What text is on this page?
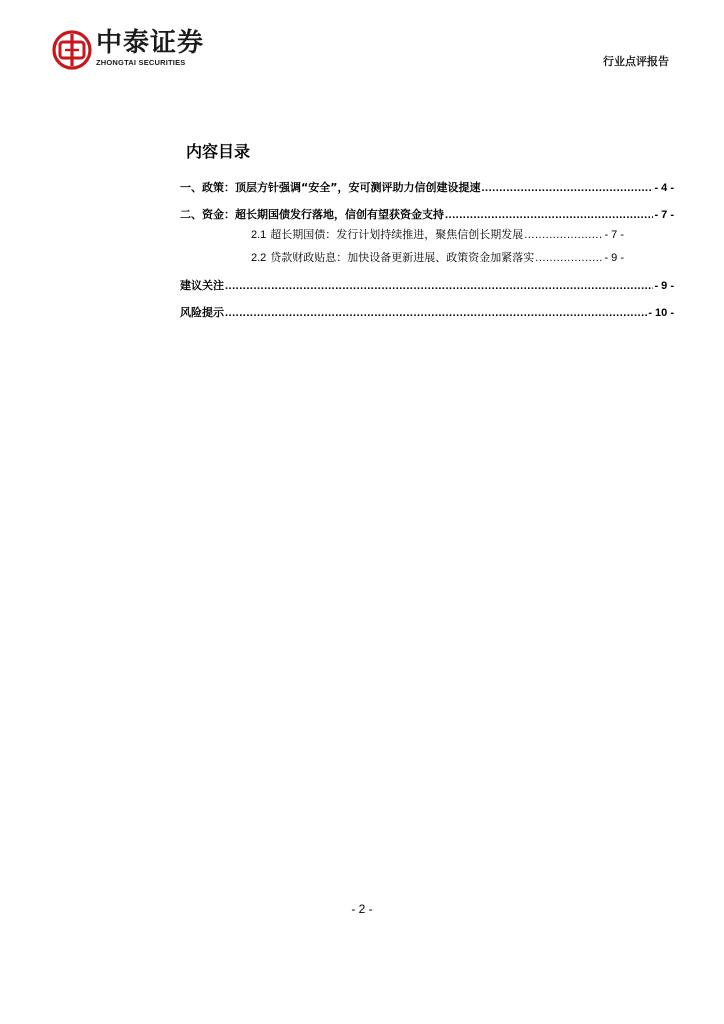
中泰证券
ZHONGTAI SECURITIES	行业点评报告
内容目录
一、政策：顶层方针强调“安全”，安可测评助力信创建设提速 .....	- 4 -
二、资金：超长期国债发行落地，信创有望获资金支持 .....	- 7 -
2.1 超长期国债：发行计划持续推进，聚焦信创长期发展 .....	- 7 -
2.2 贷款财政贴息：加快设备更新进展、政策资金加紧落实 .....	- 9 -
建议关注 .....	- 9 -
风险提示 .....	- 10 -
- 2 -
